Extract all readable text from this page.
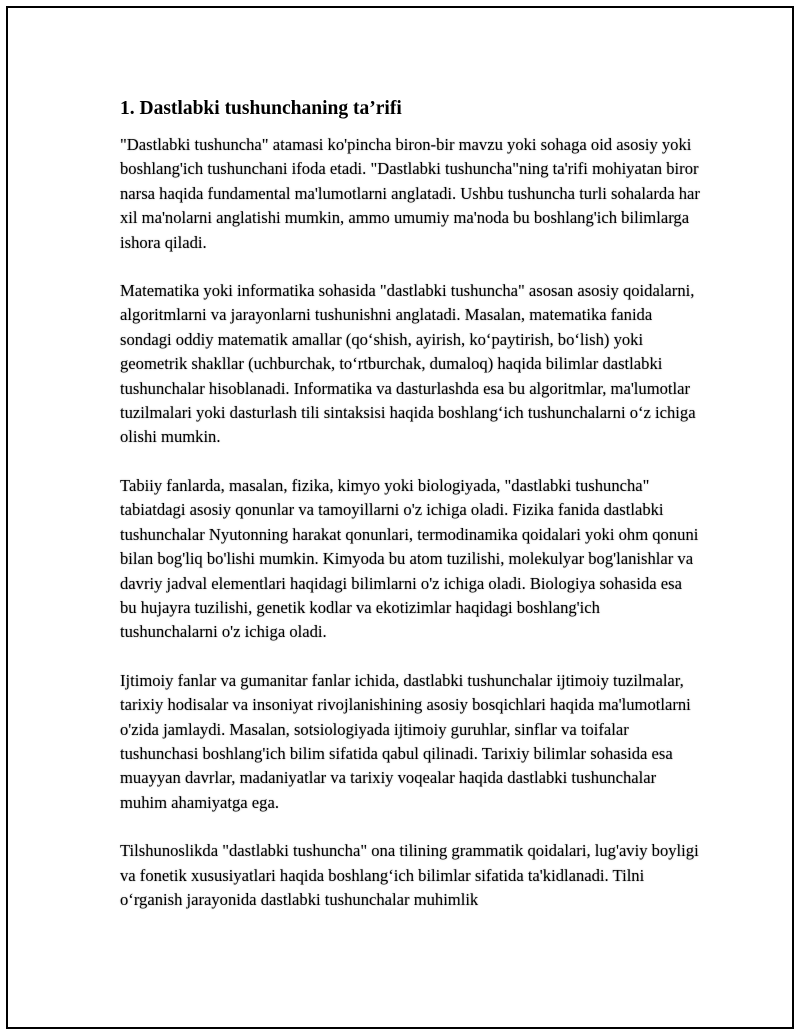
1. Dastlabki tushunchaning ta’rifi

"Dastlabki tushuncha" atamasi ko'pincha biron-bir mavzu yoki sohaga oid asosiy yoki boshlang'ich tushunchani ifoda etadi. "Dastlabki tushuncha"ning ta'rifi mohiyatan biror narsa haqida fundamental ma'lumotlarni anglatadi. Ushbu tushuncha turli sohalarda har xil ma'nolarni anglatishi mumkin, ammo umumiy ma'noda bu boshlang'ich bilimlarga ishora qiladi.

Matematika yoki informatika sohasida "dastlabki tushuncha" asosan asosiy qoidalarni, algoritmlarni va jarayonlarni tushunishni anglatadi. Masalan, matematika fanida sondagi oddiy matematik amallar (qo‘shish, ayirish, ko‘paytirish, bo‘lish) yoki geometrik shakllar (uchburchak, to‘rtburchak, dumaloq) haqida bilimlar dastlabki tushunchalar hisoblanadi. Informatika va dasturlashda esa bu algoritmlar, ma'lumotlar tuzilmalari yoki dasturlash tili sintaksisi haqida boshlang‘ich tushunchalarni o‘z ichiga olishi mumkin.

Tabiiy fanlarda, masalan, fizika, kimyo yoki biologiyada, "dastlabki tushuncha" tabiatdagi asosiy qonunlar va tamoyillarni o'z ichiga oladi. Fizika fanida dastlabki tushunchalar Nyutonning harakat qonunlari, termodinamika qoidalari yoki ohm qonuni bilan bog'liq bo'lishi mumkin. Kimyoda bu atom tuzilishi, molekulyar bog'lanishlar va davriy jadval elementlari haqidagi bilimlarni o'z ichiga oladi. Biologiya sohasida esa bu hujayra tuzilishi, genetik kodlar va ekotizimlar haqidagi boshlang'ich tushunchalarni o'z ichiga oladi.

Ijtimoiy fanlar va gumanitar fanlar ichida, dastlabki tushunchalar ijtimoiy tuzilmalar, tarixiy hodisalar va insoniyat rivojlanishining asosiy bosqichlari haqida ma'lumotlarni o'zida jamlaydi. Masalan, sotsiologiyada ijtimoiy guruhlar, sinflar va toifalar tushunchasi boshlang'ich bilim sifatida qabul qilinadi. Tarixiy bilimlar sohasida esa muayyan davrlar, madaniyatlar va tarixiy voqealar haqida dastlabki tushunchalar muhim ahamiyatga ega.

Tilshunoslikda "dastlabki tushuncha" ona tilining grammatik qoidalari, lug'aviy boyligi va fonetik xususiyatlari haqida boshlang‘ich bilimlar sifatida ta'kidlanadi. Tilni o‘rganish jarayonida dastlabki tushunchalar muhimlik
